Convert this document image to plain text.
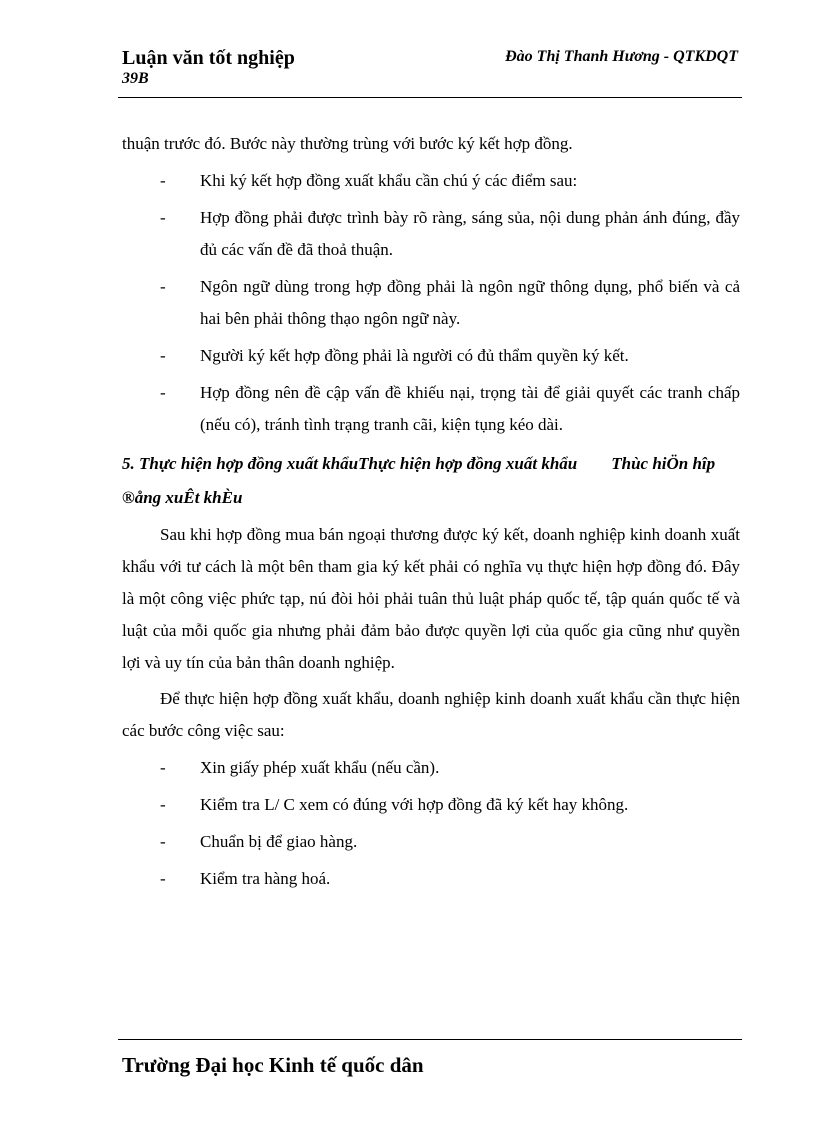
Luận văn tốt nghiệp
39B
Đào Thị Thanh Hương - QTKDQT

thuận trước đó. Bước này thường trùng với bước ký kết hợp đồng.

- Khi ký kết hợp đồng xuất khẩu cần chú ý các điểm sau:
- Hợp đồng phải được trình bày rõ ràng, sáng sủa, nội dung phản ánh đúng, đầy đủ các vấn đề đã thoả thuận.
- Ngôn ngữ dùng trong hợp đồng phải là ngôn ngữ thông dụng, phổ biến và cả hai bên phải thông thạo ngôn ngữ này.
- Người ký kết hợp đồng phải là người có đủ thẩm quyền ký kết.
- Hợp đồng nên đề cập vấn đề khiếu nại, trọng tài để giải quyết các tranh chấp (nếu có), tránh tình trạng tranh cãi, kiện tụng kéo dài.
5. Thực hiện hợp đồng xuất khẩuThực hiện hợp đồng xuất khẩu Thùc hiÖn hîp ®ång xuÊt khÈu

Sau khi hợp đồng mua bán ngoại thương được ký kết, doanh nghiệp kinh doanh xuất khẩu với tư cách là một bên tham gia ký kết phải có nghĩa vụ thực hiện hợp đồng đó. Đây là một công việc phức tạp, nú đòi hỏi phải tuân thủ luật pháp quốc tế, tập quán quốc tế và luật của mỗi quốc gia nhưng phải đảm bảo được quyền lợi của quốc gia cũng như quyền lợi và uy tín của bản thân doanh nghiệp.

Để thực hiện hợp đồng xuất khẩu, doanh nghiệp kinh doanh xuất khẩu cần thực hiện các bước công việc sau:

- Xin giấy phép xuất khẩu (nếu cần).
- Kiểm tra L/ C xem có đúng với hợp đồng đã ký kết hay không.
- Chuẩn bị để giao hàng.
- Kiểm tra hàng hoá.
Trường Đại học Kinh tế quốc dân
